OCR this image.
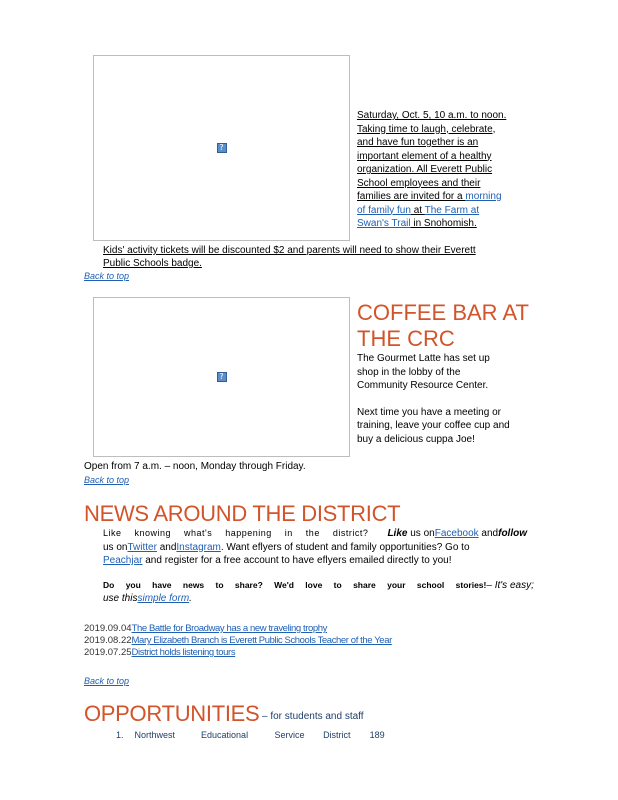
?
Saturday, Oct. 5, 10 a.m. to noon.
Taking time to laugh, celebrate,
and have fun together is an
important element of a healthy
organization. All Everett Public
School employees and their
families are invited for a morning
of family fun at The Farm at
Swan's Trail in Snohomish.
Kids' activity tickets will be discounted $2 and parents will need to show their Everett
Public Schools badge.
Back to top
?
COFFEE BAR AT
THE CRC
The Gourmet Latte has set up
shop in the lobby of the
Community Resource Center.
Next time you have a meeting or
training, leave your coffee cup and
buy a delicious cuppa Joe!
Open from 7 a.m. – noon, Monday through Friday.
Back to top
NEWS AROUND THE DISTRICT
Like knowing what's happening in the district? Like us onFacebook andfollow
us onTwitter andInstagram. Want eflyers of student and family opportunities? Go to
Peachjar and register for a free account to have eflyers emailed directly to you!
Do you have news to share? We'd love to share your school stories! – It's easy;
use thissimple form.
2019.09.04The Battle for Broadway has a new traveling trophy
2019.08.22Mary Elizabeth Branch is Everett Public Schools Teacher of the Year
2019.07.25District holds listening tours
Back to top
OPPORTUNITIES – for students and staff
1. Northwest	Educational	Service District 189
